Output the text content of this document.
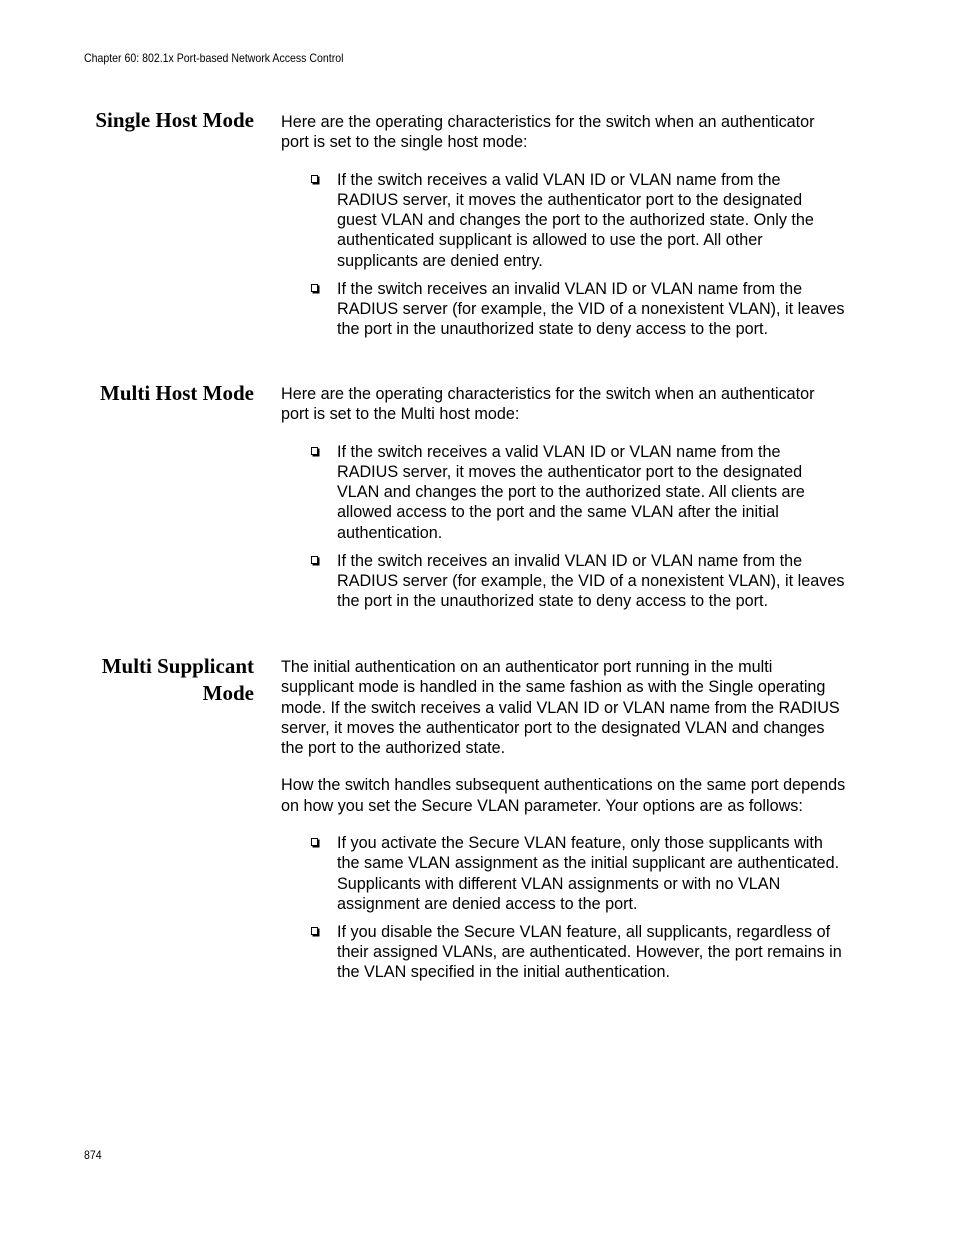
Chapter 60: 802.1x Port-based Network Access Control
Single Host Mode Here are the operating characteristics for the switch when an authenticator port is set to the single host mode:

If the switch receives a valid VLAN ID or VLAN name from the RADIUS server, it moves the authenticator port to the designated guest VLAN and changes the port to the authorized state. Only the authenticated supplicant is allowed to use the port. All other supplicants are denied entry.
If the switch receives an invalid VLAN ID or VLAN name from the RADIUS server (for example, the VID of a nonexistent VLAN), it leaves the port in the unauthorized state to deny access to the port.
Multi Host Mode Here are the operating characteristics for the switch when an authenticator port is set to the Multi host mode:

If the switch receives a valid VLAN ID or VLAN name from the RADIUS server, it moves the authenticator port to the designated VLAN and changes the port to the authorized state. All clients are allowed access to the port and the same VLAN after the initial authentication.
If the switch receives an invalid VLAN ID or VLAN name from the RADIUS server (for example, the VID of a nonexistent VLAN), it leaves the port in the unauthorized state to deny access to the port.
Multi Supplicant
Mode

The initial authentication on an authenticator port running in the multi supplicant mode is handled in the same fashion as with the Single operating mode. If the switch receives a valid VLAN ID or VLAN name from the RADIUS server, it moves the authenticator port to the designated VLAN and changes the port to the authorized state.

How the switch handles subsequent authentications on the same port depends on how you set the Secure VLAN parameter. Your options are as follows:

If you activate the Secure VLAN feature, only those supplicants with the same VLAN assignment as the initial supplicant are authenticated. Supplicants with different VLAN assignments or with no VLAN assignment are denied access to the port.
If you disable the Secure VLAN feature, all supplicants, regardless of their assigned VLANs, are authenticated. However, the port remains in the VLAN specified in the initial authentication.
874
